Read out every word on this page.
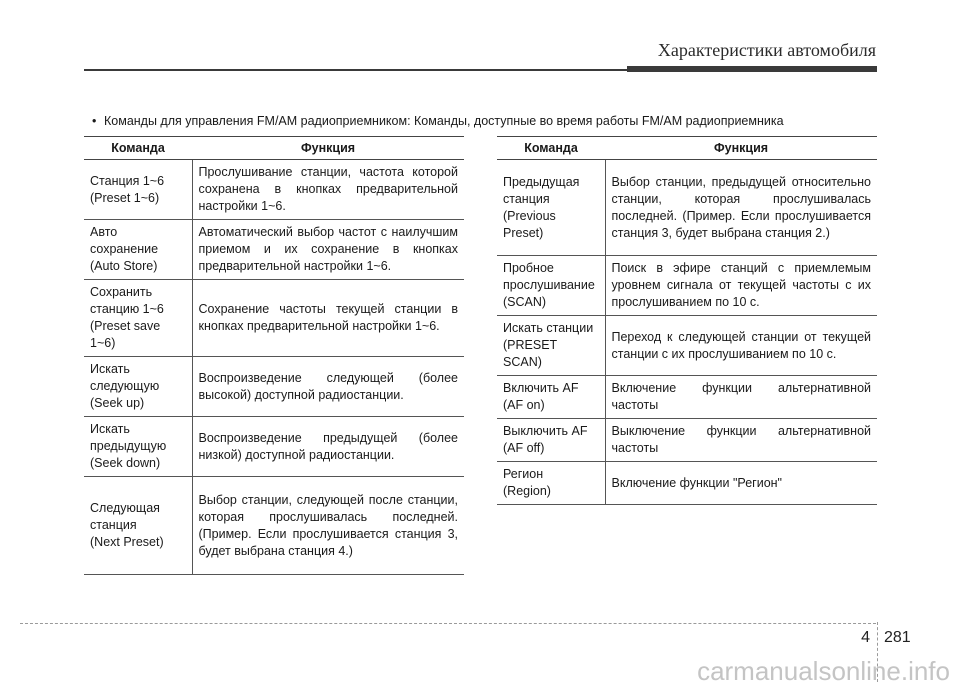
Характеристики автомобиля
• Команды для управления FM/AM радиоприемником: Команды, доступные во время работы FM/AM радиоприемника
Команда	Функция
Станция 1~6
(Preset 1~6)	Прослушивание станции, частота которой сохранена в кнопках предварительной настройки 1~6.
Авто сохранение
(Auto Store)	Автоматический выбор частот с наилучшим приемом и их сохранение в кнопках предварительной настройки 1~6.
Сохранить
станцию 1~6
(Preset save 1~6)	Сохранение частоты текущей станции в кнопках предварительной настройки 1~6.
Искать
следующую
(Seek up)	Воспроизведение следующей (более высокой) доступной радиостанции.
Искать
предыдущую
(Seek down)	Воспроизведение предыдущей (более низкой) доступной радиостанции.
Следующая
станция
(Next Preset)	Выбор станции, следующей после станции, которая прослушивалась последней. (Пример. Если прослушивается станция 3, будет выбрана станция 4.)
Команда	Функция
Предыдущая
станция
(Previous Preset)	Выбор станции, предыдущей относительно станции, которая прослушивалась последней. (Пример. Если прослушивается станция 3, будет выбрана станция 2.)
Пробное
прослушивание
(SCAN)	Поиск в эфире станций с приемлемым уровнем сигнала от текущей частоты с их прослушиванием по 10 с.
Искать станции
(PRESET SCAN)	Переход к следующей станции от текущей станции с их прослушиванием по 10 с.
Включить AF
(AF on)	Включение функции альтернативной частоты
Выключить AF
(AF off)	Выключение функции альтернативной частоты
Регион
(Region)	Включение функции "Регион"
4 281
carmanualsonline.info
